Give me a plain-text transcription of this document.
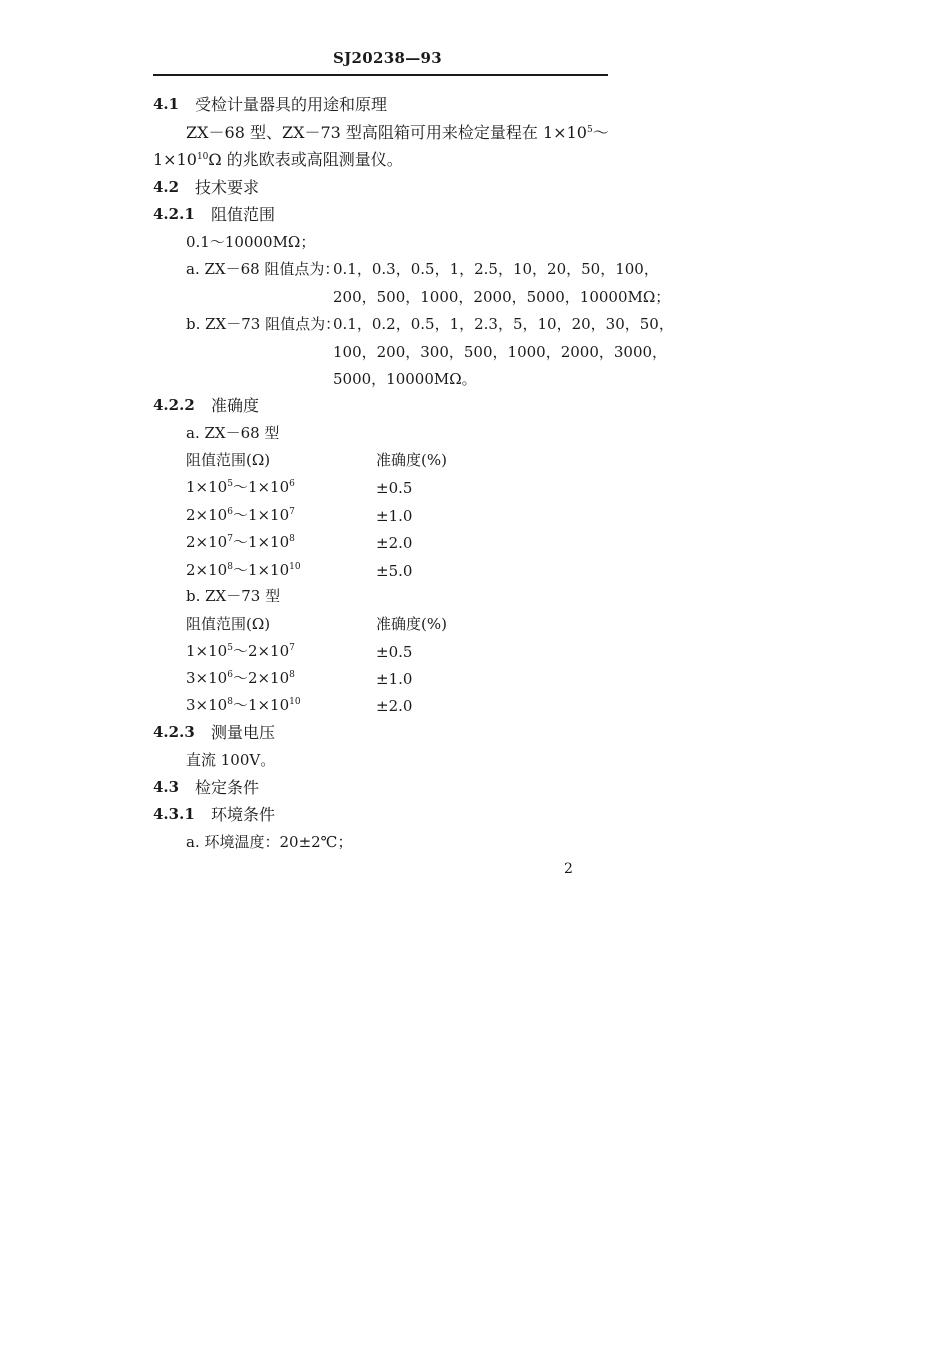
SJ20238—93
4.1 受检计量器具的用途和原理
ZX－68 型、ZX－73 型高阻箱可用来检定量程在 $1\times 10^5\sim$
$1\times 10^{10}\Omega$ 的兆欧表或高阻测量仪。
4.2 技术要求
4.2.1 阻值范围
0.1～10000MΩ；
a. ZX－68 阻值点为：
0.1，0.3，0.5，1，2.5，10，20，50，100，
200，500，1000，2000，5000，10000MΩ；
b. ZX－73 阻值点为：
0.1，0.2，0.5，1，2.3，5，10，20，30，50，
100，200，300，500，1000，2000，3000，
5000，10000MΩ。
4.2.2 准确度
a. ZX－68 型
阻值范围(Ω)	准确度(%)
$1\times 10^5\sim 1\times 10^6$	±0.5
$2\times 10^6\sim 1\times 10^7$	±1.0
$2\times 10^7\sim 1\times 10^8$	±2.0
$2\times 10^8\sim 1\times 10^{10}$	±5.0
b. ZX－73 型
阻值范围(Ω)	准确度(%)
$1\times 10^5\sim 2\times 10^7$	±0.5
$3\times 10^6\sim 2\times 10^8$	±1.0
$3\times 10^8\sim 1\times 10^{10}$	±2.0
4.2.3 测量电压
直流 100V。
4.3 检定条件
4.3.1 环境条件
a. 环境温度：20±2℃；
2
